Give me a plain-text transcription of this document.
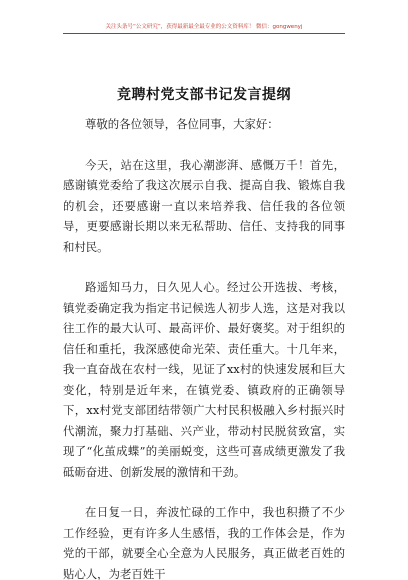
关注头条号“公文研究”，获得最新最全最专业的公文资料库！ 微信：gongwenyj
竞聘村党支部书记发言提纲

尊敬的各位领导，各位同事，大家好：

今天，站在这里，我心潮澎湃、感慨万千！首先，感谢镇党委给了我这次展示自我、提高自我、锻炼自我的机会，还要感谢一直以来培养我、信任我的各位领导，更要感谢长期以来无私帮助、信任、支持我的同事和村民。

路遥知马力，日久见人心。经过公开选拔、考核，镇党委确定我为指定书记候选人初步人选，这是对我以往工作的最大认可、最高评价、最好褒奖。对于组织的信任和重托，我深感使命光荣、责任重大。十几年来，我一直奋战在农村一线，见证了xx村的快速发展和巨大变化，特别是近年来，在镇党委、镇政府的正确领导下，xx村党支部团结带领广大村民积极融入乡村振兴时代潮流，聚力打基础、兴产业，带动村民脱贫致富，实现了“化茧成蝶”的美丽蜕变，这些可喜成绩更激发了我砥砺奋进、创新发展的激情和干劲。

在日复一日，奔波忙碌的工作中，我也积攒了不少工作经验，更有许多人生感悟，我的工作体会是，作为党的干部，就要全心全意为人民服务，真正做老百姓的贴心人，为老百姓干
